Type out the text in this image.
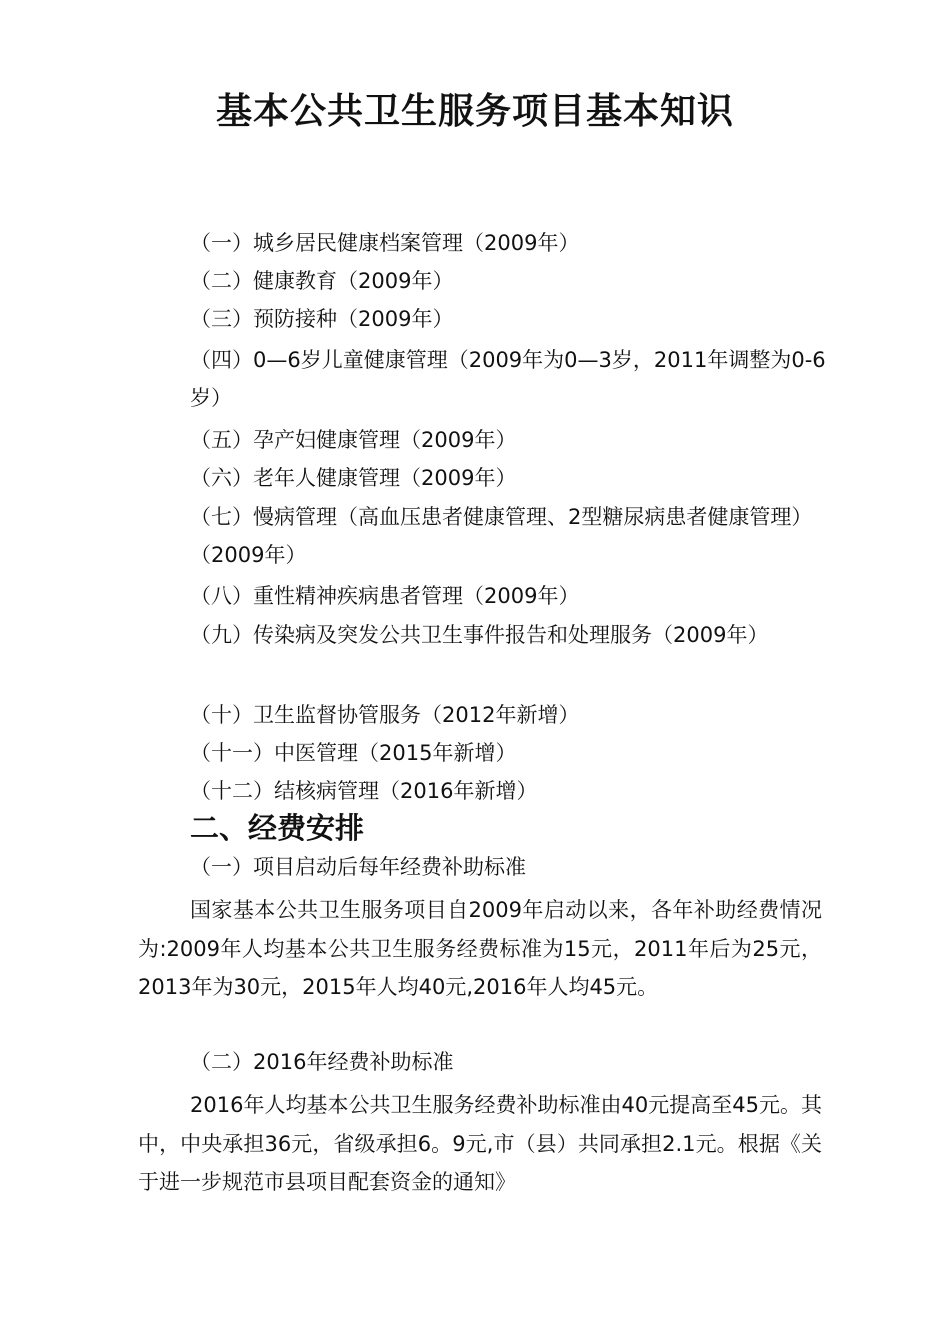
基本公共卫生服务项目基本知识

（一）城乡居民健康档案管理（2009年）

（二）健康教育（2009年）

（三）预防接种（2009年）

（四）0—6岁儿童健康管理（2009年为0—3岁，2011年调整为0-6岁）

（五）孕产妇健康管理（2009年）

（六）老年人健康管理（2009年）

（七）慢病管理（高血压患者健康管理、2型糖尿病患者健康管理）（2009年）

（八）重性精神疾病患者管理（2009年）

（九）传染病及突发公共卫生事件报告和处理服务（2009年）

（十）卫生监督协管服务（2012年新增）

（十一）中医管理（2015年新增）

（十二）结核病管理（2016年新增）

二、经费安排

（一）项目启动后每年经费补助标准

国家基本公共卫生服务项目自2009年启动以来，各年补助经费情况为:2009年人均基本公共卫生服务经费标准为15元，2011年后为25元，2013年为30元，2015年人均40元,2016年人均45元。

（二）2016年经费补助标准

2016年人均基本公共卫生服务经费补助标准由40元提高至45元。其中，中央承担36元，省级承担6。9元,市（县）共同承担2.1元。根据《关于进一步规范市县项目配套资金的通知》
